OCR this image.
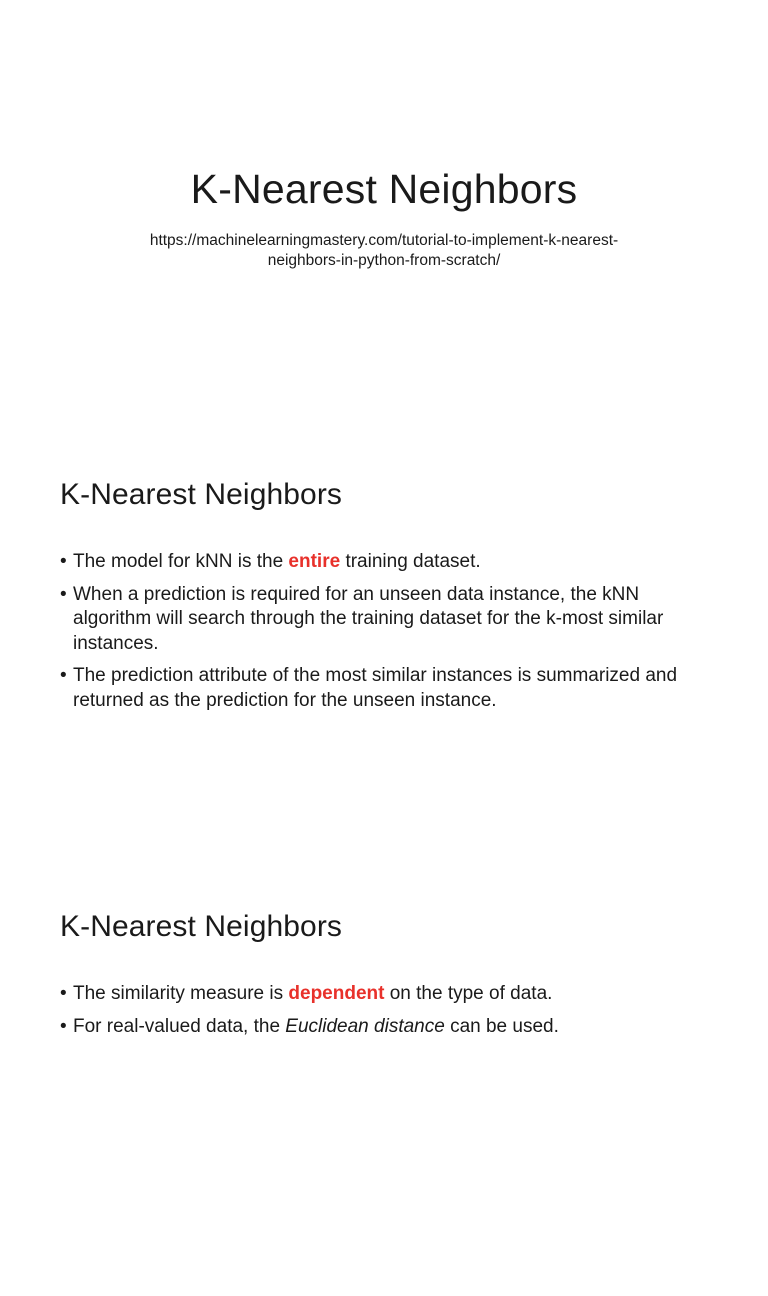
K-Nearest Neighbors

https://machinelearningmastery.com/tutorial-to-implement-k-nearest-
neighbors-in-python-from-scratch/

K-Nearest Neighbors
• The model for kNN is the entire training dataset.
• When a prediction is required for an unseen data instance, the kNN algorithm will search through the training dataset for the k-most similar instances.
• The prediction attribute of the most similar instances is summarized and returned as the prediction for the unseen instance.
K-Nearest Neighbors
• The similarity measure is dependent on the type of data.
• For real-valued data, the Euclidean distance can be used.
